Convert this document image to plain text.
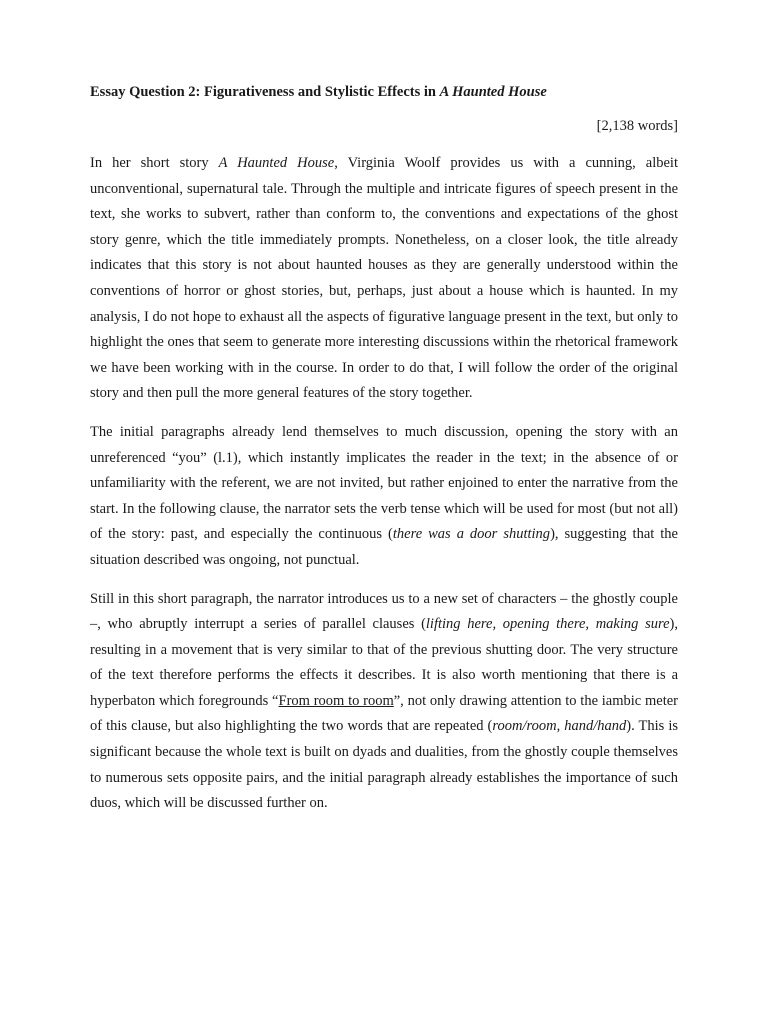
Essay Question 2: Figurativeness and Stylistic Effects in A Haunted House

[2,138 words]

In her short story A Haunted House, Virginia Woolf provides us with a cunning, albeit unconventional, supernatural tale. Through the multiple and intricate figures of speech present in the text, she works to subvert, rather than conform to, the conventions and expectations of the ghost story genre, which the title immediately prompts. Nonetheless, on a closer look, the title already indicates that this story is not about haunted houses as they are generally understood within the conventions of horror or ghost stories, but, perhaps, just about a house which is haunted. In my analysis, I do not hope to exhaust all the aspects of figurative language present in the text, but only to highlight the ones that seem to generate more interesting discussions within the rhetorical framework we have been working with in the course. In order to do that, I will follow the order of the original story and then pull the more general features of the story together.

The initial paragraphs already lend themselves to much discussion, opening the story with an unreferenced “you” (l.1), which instantly implicates the reader in the text; in the absence of or unfamiliarity with the referent, we are not invited, but rather enjoined to enter the narrative from the start. In the following clause, the narrator sets the verb tense which will be used for most (but not all) of the story: past, and especially the continuous (there was a door shutting), suggesting that the situation described was ongoing, not punctual.

Still in this short paragraph, the narrator introduces us to a new set of characters – the ghostly couple –, who abruptly interrupt a series of parallel clauses (lifting here, opening there, making sure), resulting in a movement that is very similar to that of the previous shutting door. The very structure of the text therefore performs the effects it describes. It is also worth mentioning that there is a hyperbaton which foregrounds “From room to room”, not only drawing attention to the iambic meter of this clause, but also highlighting the two words that are repeated (room/room, hand/hand). This is significant because the whole text is built on dyads and dualities, from the ghostly couple themselves to numerous sets opposite pairs, and the initial paragraph already establishes the importance of such duos, which will be discussed further on.
